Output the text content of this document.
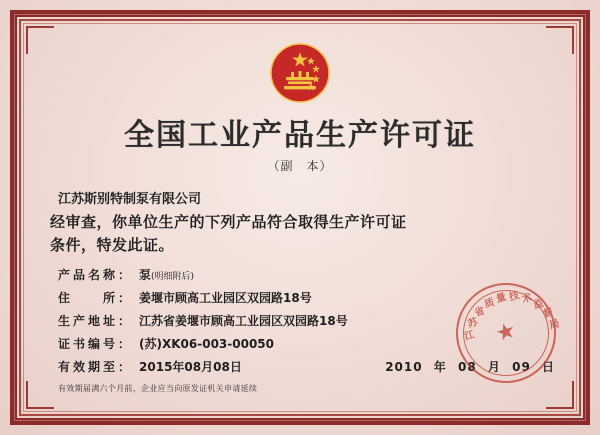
全国工业产品生产许可证
（副　本）
江苏斯别特制泵有限公司
经审查，你单位生产的下列产品符合取得生产许可证
条件，特发此证。
产品名称： 泵(明细附后)
住　　所： 姜堰市顾高工业园区双园路18号
生产地址： 江苏省姜堰市顾高工业园区双园路18号
证书编号： (苏)XK06-003-00050
有效期至： 2015年08月08日	2010 年 08 月 09 日
有效期届满六个月前，企业应当向原发证机关申请延续
江
苏
省
质 量 技 术
监
督
局
★
